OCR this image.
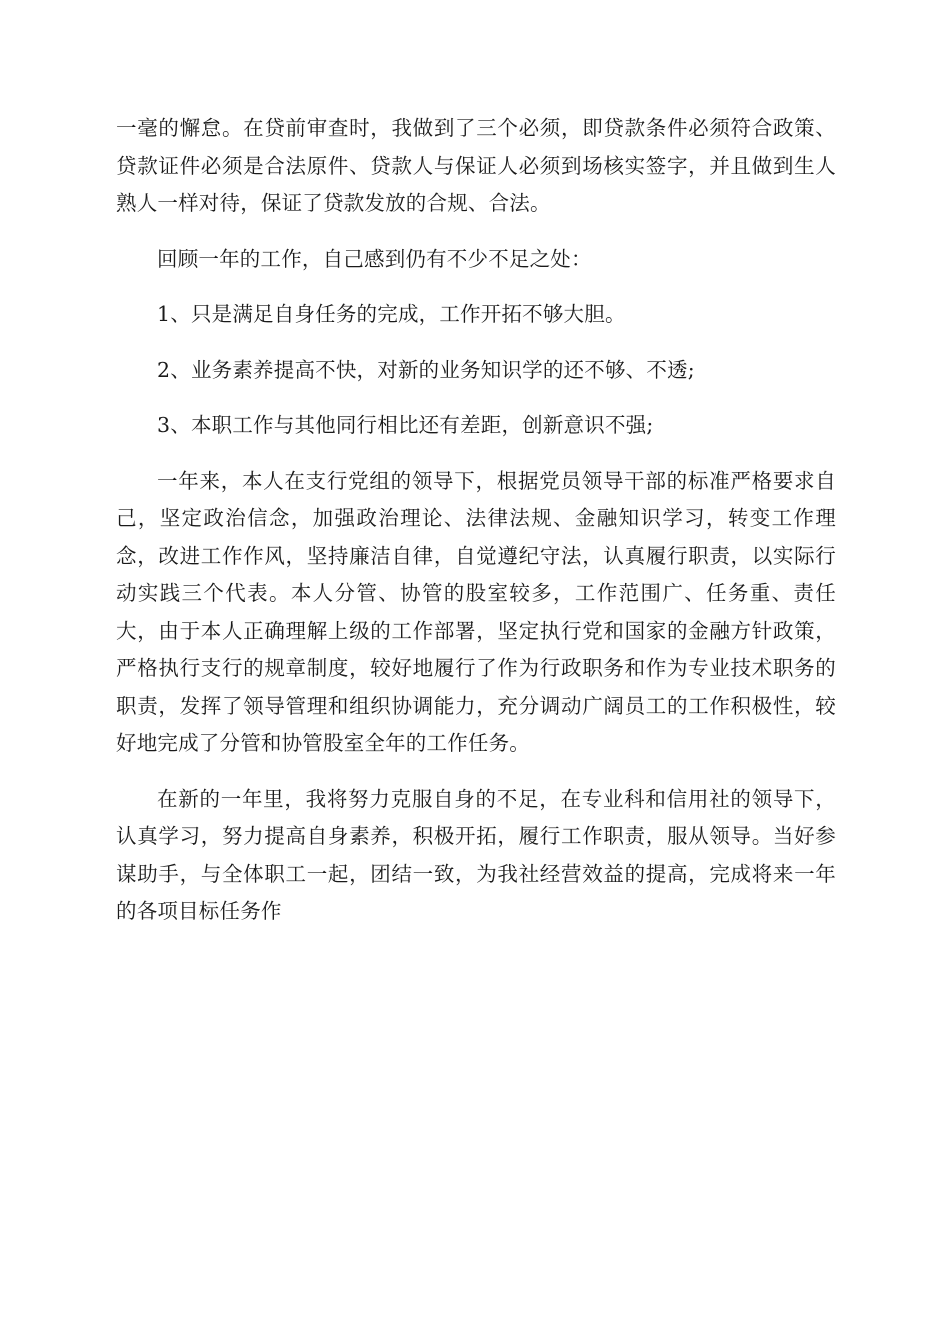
一毫的懈怠。在贷前审查时，我做到了三个必须，即贷款条件必须符合政策、贷款证件必须是合法原件、贷款人与保证人必须到场核实签字，并且做到生人熟人一样对待，保证了贷款发放的合规、合法。

回顾一年的工作，自己感到仍有不少不足之处：

1、只是满足自身任务的完成，工作开拓不够大胆。

2、业务素养提高不快，对新的业务知识学的还不够、不透;

3、本职工作与其他同行相比还有差距，创新意识不强;

一年来，本人在支行党组的领导下，根据党员领导干部的标准严格要求自己，坚定政治信念，加强政治理论、法律法规、金融知识学习，转变工作理念，改进工作作风，坚持廉洁自律，自觉遵纪守法，认真履行职责，以实际行动实践三个代表。本人分管、协管的股室较多，工作范围广、任务重、责任大，由于本人正确理解上级的工作部署，坚定执行党和国家的金融方针政策，严格执行支行的规章制度，较好地履行了作为行政职务和作为专业技术职务的职责，发挥了领导管理和组织协调能力，充分调动广阔员工的工作积极性，较好地完成了分管和协管股室全年的工作任务。

在新的一年里，我将努力克服自身的不足，在专业科和信用社的领导下，认真学习，努力提高自身素养，积极开拓，履行工作职责，服从领导。当好参谋助手，与全体职工一起，团结一致，为我社经营效益的提高，完成将来一年的各项目标任务作
